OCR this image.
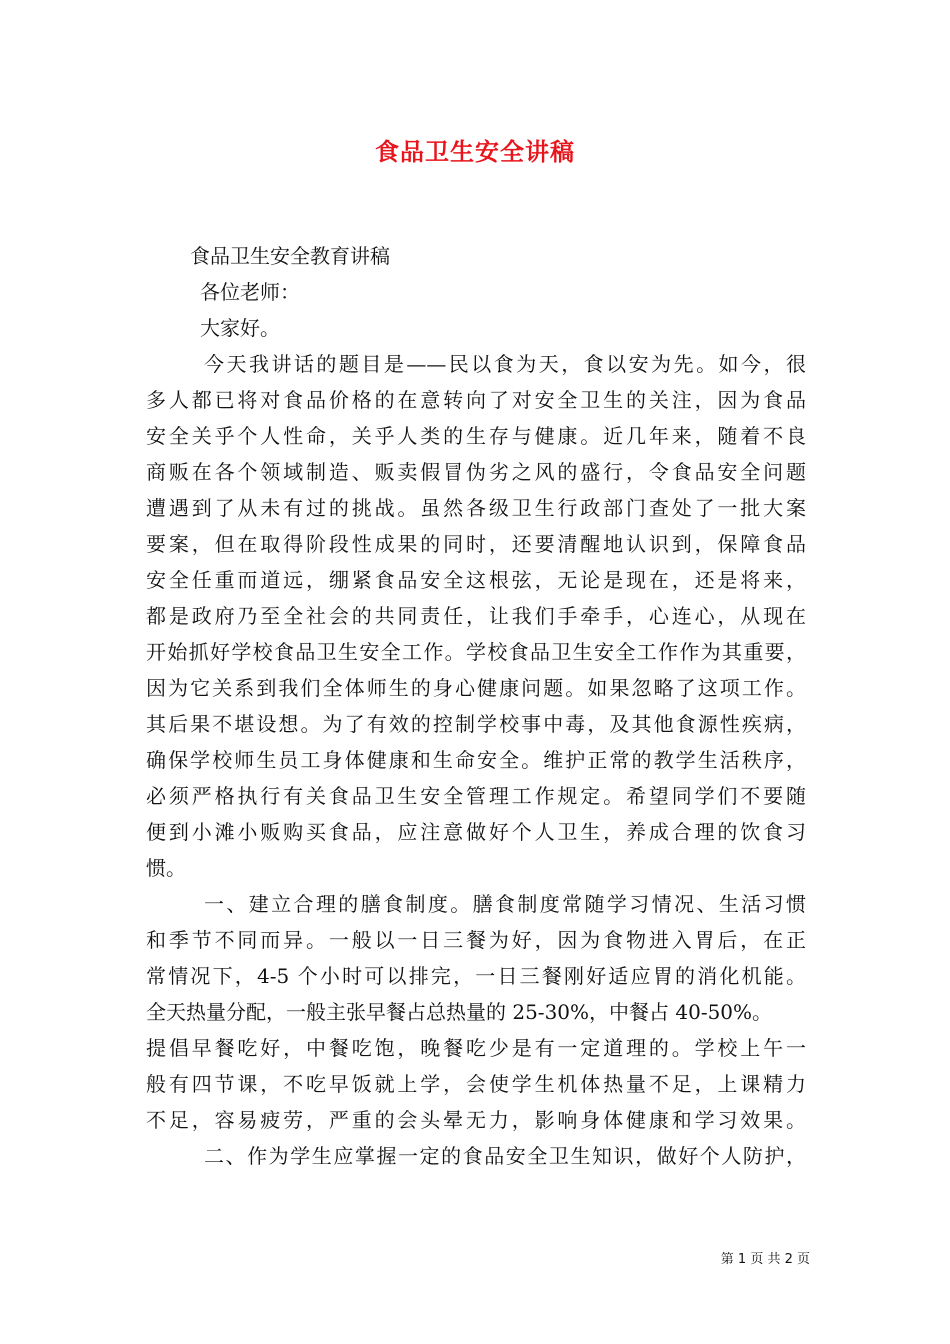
食品卫生安全讲稿
食品卫生安全教育讲稿
各位老师：
大家好。
今天我讲话的题目是——民以食为天，食以安为先。如今，很
多人都已将对食品价格的在意转向了对安全卫生的关注，因为食品
安全关乎个人性命，关乎人类的生存与健康。近几年来，随着不良
商贩在各个领域制造、贩卖假冒伪劣之风的盛行，令食品安全问题
遭遇到了从未有过的挑战。虽然各级卫生行政部门查处了一批大案
要案，但在取得阶段性成果的同时，还要清醒地认识到，保障食品
安全任重而道远，绷紧食品安全这根弦，无论是现在，还是将来，
都是政府乃至全社会的共同责任，让我们手牵手，心连心，从现在
开始抓好学校食品卫生安全工作。学校食品卫生安全工作作为其重要，
因为它关系到我们全体师生的身心健康问题。如果忽略了这项工作。
其后果不堪设想。为了有效的控制学校事中毒，及其他食源性疾病，
确保学校师生员工身体健康和生命安全。维护正常的教学生活秩序，
必须严格执行有关食品卫生安全管理工作规定。希望同学们不要随
便到小滩小贩购买食品，应注意做好个人卫生，养成合理的饮食习
惯。
一、建立合理的膳食制度。膳食制度常随学习情况、生活习惯
和季节不同而异。一般以一日三餐为好，因为食物进入胃后，在正
常情况下，4-5 个小时可以排完，一日三餐刚好适应胃的消化机能。
全天热量分配，一般主张早餐占总热量的 25-30%，中餐占 40-50%。
提倡早餐吃好，中餐吃饱，晚餐吃少是有一定道理的。学校上午一
般有四节课，不吃早饭就上学，会使学生机体热量不足，上课精力
不足，容易疲劳，严重的会头晕无力，影响身体健康和学习效果。
二、作为学生应掌握一定的食品安全卫生知识，做好个人防护，
第 1 页 共 2 页
